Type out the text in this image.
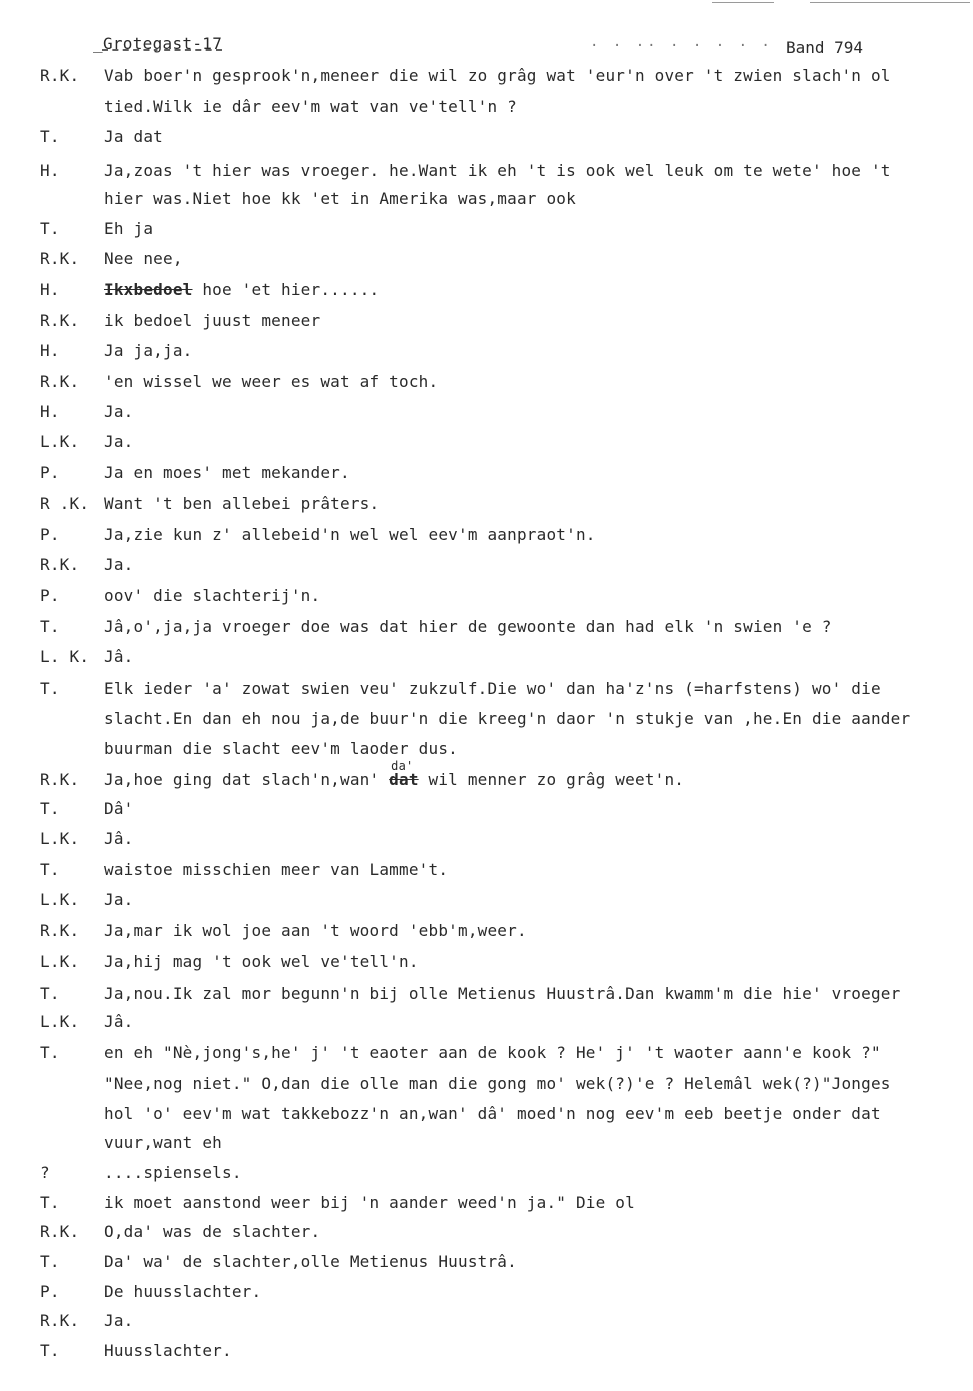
_Grotegast-17	. . .. . . . . . .
Band 794
R.K. Vab boer'n gesprook'n,meneer die wil zo grâg wat 'eur'n over 't zwien slach'n ol
tied.Wilk ie dâr eev'm wat van ve'tell'n ?
T.	Ja dat
H.	Ja,zoas 't hier was vroeger. he.Want ik eh 't is ook wel leuk om te wete' hoe 't
hier was.Niet hoe kk 'et in Amerika was,maar ook
T.	Eh ja
R.K. Nee nee,
H.	Ikxbedoel hoe 'et hier......
R.K. ik bedoel juust meneer
H.	Ja ja,ja.
R.K. 'en wissel we weer es wat af toch.
H.	Ja.
L.K. Ja.
P.	Ja en moes' met mekander.
R .K. Want 't ben allebei prâters.
P.	Ja,zie kun z' allebeid'n wel wel eev'm aanpraot'n.
R.K. Ja.
P.	oov' die slachterij'n.
T.	Jâ,o',ja,ja vroeger doe was dat hier de gewoonte dan had elk 'n swien 'e ?
L. K. Jâ.
T.	Elk ieder 'a' zowat swien veu' zukzulf.Die wo' dan ha'z'ns (=harfstens) wo' die
slacht.En dan eh nou ja,de buur'n die kreeg'n daor 'n stukje van ,he.En die aander
buurman die slacht eev'm laoder dus.
R.K. Ja,hoe ging dat slach'n,wan'
da'
dat wil menner zo grâg weet'n.
T.	Dâ'
L.K. Jâ.
T.	waistoe misschien meer van Lamme't.
L.K. Ja.
R.K. Ja,mar ik wol joe aan 't woord 'ebb'm,weer.
L.K. Ja,hij mag 't ook wel ve'tell'n.
T.	Ja,nou.Ik zal mor begunn'n bij olle Metienus Huustrâ.Dan kwamm'm die hie' vroeger
L.K. Jâ.
T.	en eh "Nè,jong's,he' j' 't eaoter aan de kook ? He' j' 't waoter aann'e kook ?"
"Nee,nog niet." O,dan die olle man die gong mo' wek(?)'e ? Helemâl wek(?)"Jonges
hol 'o' eev'm wat takkebozz'n an,wan' dâ' moed'n nog eev'm eeb beetje onder dat
vuur,want eh
?	....spiensels.
T.	ik moet aanstond weer bij 'n aander weed'n ja." Die ol
R.K. O,da' was de slachter.
T.	Da' wa' de slachter,olle Metienus Huustrâ.
P.	De huusslachter.
R.K. Ja.
T.	Huusslachter.
